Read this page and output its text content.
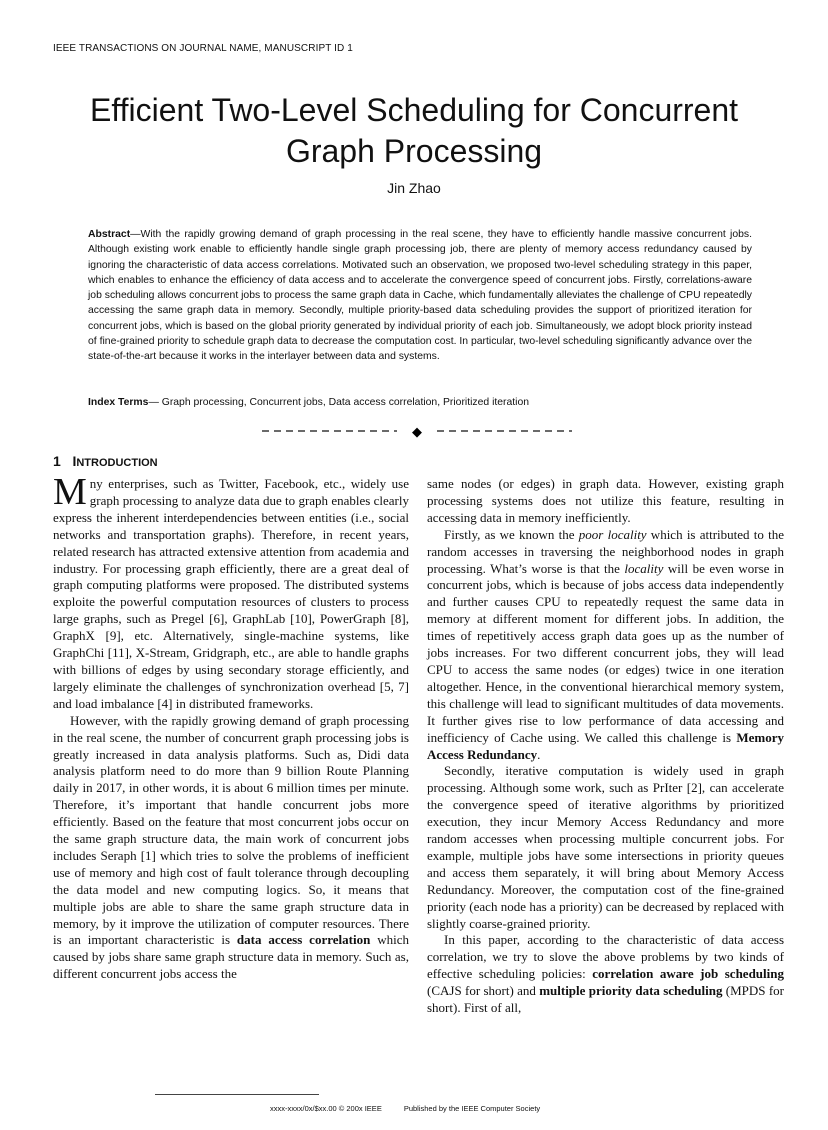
IEEE TRANSACTIONS ON JOURNAL NAME, MANUSCRIPT ID 1
Efficient Two-Level Scheduling for Concurrent
Graph Processing
Jin Zhao

Abstract—With the rapidly growing demand of graph processing in the real scene, they have to efficiently handle massive concurrent jobs. Although existing work enable to efficiently handle single graph processing job, there are plenty of memory access redundancy caused by ignoring the characteristic of data access correlations. Motivated such an observation, we proposed two-level scheduling strategy in this paper, which enables to enhance the efficiency of data access and to accelerate the convergence speed of concurrent jobs. Firstly, correlations-aware job scheduling allows concurrent jobs to process the same graph data in Cache, which fundamentally alleviates the challenge of CPU repeatedly accessing the same graph data in memory. Secondly, multiple priority-based data scheduling provides the support of prioritized iteration for concurrent jobs, which is based on the global priority generated by individual priority of each job. Simultaneously, we adopt block priority instead of fine-grained priority to schedule graph data to decrease the computation cost. In particular, two-level scheduling significantly advance over the state-of-the-art because it works in the interlayer between data and systems.

Index Terms— Graph processing, Concurrent jobs, Data access correlation, Prioritized iteration
◆
1 INTRODUCTION

Mny enterprises, such as Twitter, Facebook, etc., widely use graph processing to analyze data due to graph enables clearly express the inherent interdependencies between entities (i.e., social networks and transportation graphs). Therefore, in recent years, related research has attracted extensive attention from academia and industry. For processing graph efficiently, there are a great deal of graph computing platforms were proposed. The distributed systems exploite the powerful computation resources of clusters to process large graphs, such as Pregel [6], GraphLab [10], PowerGraph [8], GraphX [9], etc. Alternatively, single-machine systems, like GraphChi [11], X-Stream, Gridgraph, etc., are able to handle graphs with billions of edges by using secondary storage efficiently, and largely eliminate the challenges of synchronization overhead [5, 7] and load imbalance [4] in distributed frameworks.

However, with the rapidly growing demand of graph processing in the real scene, the number of concurrent graph processing jobs is greatly increased in data analysis platforms. Such as, Didi data analysis platform need to do more than 9 billion Route Planning daily in 2017, in other words, it is about 6 million times per minute. Therefore, it’s important that handle concurrent jobs more efficiently. Based on the feature that most concurrent jobs occur on the same graph structure data, the main work of concurrent jobs includes Seraph [1] which tries to solve the problems of inefficient use of memory and high cost of fault tolerance through decoupling the data model and new computing logics. So, it means that multiple jobs are able to share the same graph structure data in memory, by it improve the utilization of computer resources. There is an important characteristic is data access correlation which caused by jobs share same graph structure data in memory. Such as, different concurrent jobs access the

same nodes (or edges) in graph data. However, existing graph processing systems does not utilize this feature, resulting in accessing data in memory inefficiently.

Firstly, as we known the poor locality which is attributed to the random accesses in traversing the neighborhood nodes in graph processing. What’s worse is that the locality will be even worse in concurrent jobs, which is because of jobs access data independently and further causes CPU to repeatedly request the same data in memory at different moment for different jobs. In addition, the times of repetitively access graph data goes up as the number of jobs increases. For two different concurrent jobs, they will lead CPU to access the same nodes (or edges) twice in one iteration altogether. Hence, in the conventional hierarchical memory system, this challenge will lead to significant multitudes of data movements. It further gives rise to low performance of data accessing and inefficiency of Cache using. We called this challenge is Memory Access Redundancy.

Secondly, iterative computation is widely used in graph processing. Although some work, such as PrIter [2], can accelerate the convergence speed of iterative algorithms by prioritized execution, they incur Memory Access Redundancy and more random accesses when processing multiple concurrent jobs. For example, multiple jobs have some intersections in priority queues and access them separately, it will bring about Memory Access Redundancy. Moreover, the computation cost of the fine-grained priority (each node has a priority) can be decreased by replaced with slightly coarse-grained priority.

In this paper, according to the characteristic of data access correlation, we try to slove the above problems by two kinds of effective scheduling policies: correlation aware job scheduling (CAJS for short) and multiple priority data scheduling (MPDS for short). First of all,

xxxx-xxxx/0x/$xx.00 © 200x IEEE	Published by the IEEE Computer Society
